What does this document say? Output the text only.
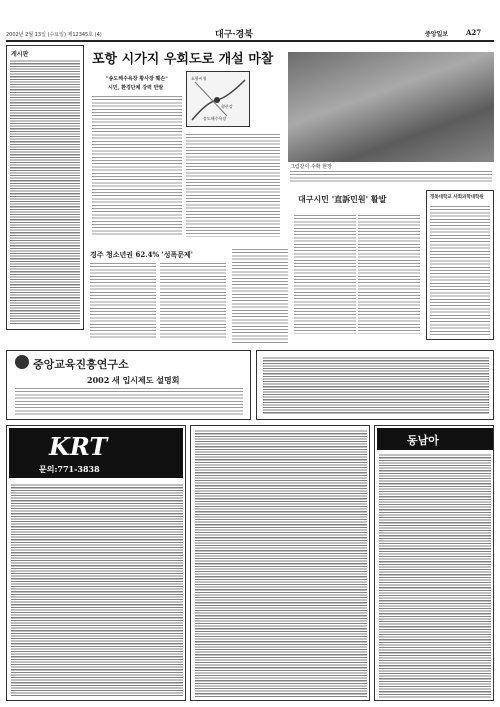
2002년 2월 13일 (수요일) 제12345호 (4)	대구·경북	중앙일보	A27
게시판	포항 시가지 우회도로 개설 마찰
"송도해수욕장 황사장 훼손"
시민, 환경단체 강력 반발
포항시청
형산강
송도해수욕장
그림같이 수확 현장
경주 청소년권 62.4% '성폭문제'
대구시민 '直訴민원' 활발	경북대학교 사회과학대학원
중앙교육진흥연구소
2002 새 입시제도 설명회
KRT
문의:771-3838
동남아
